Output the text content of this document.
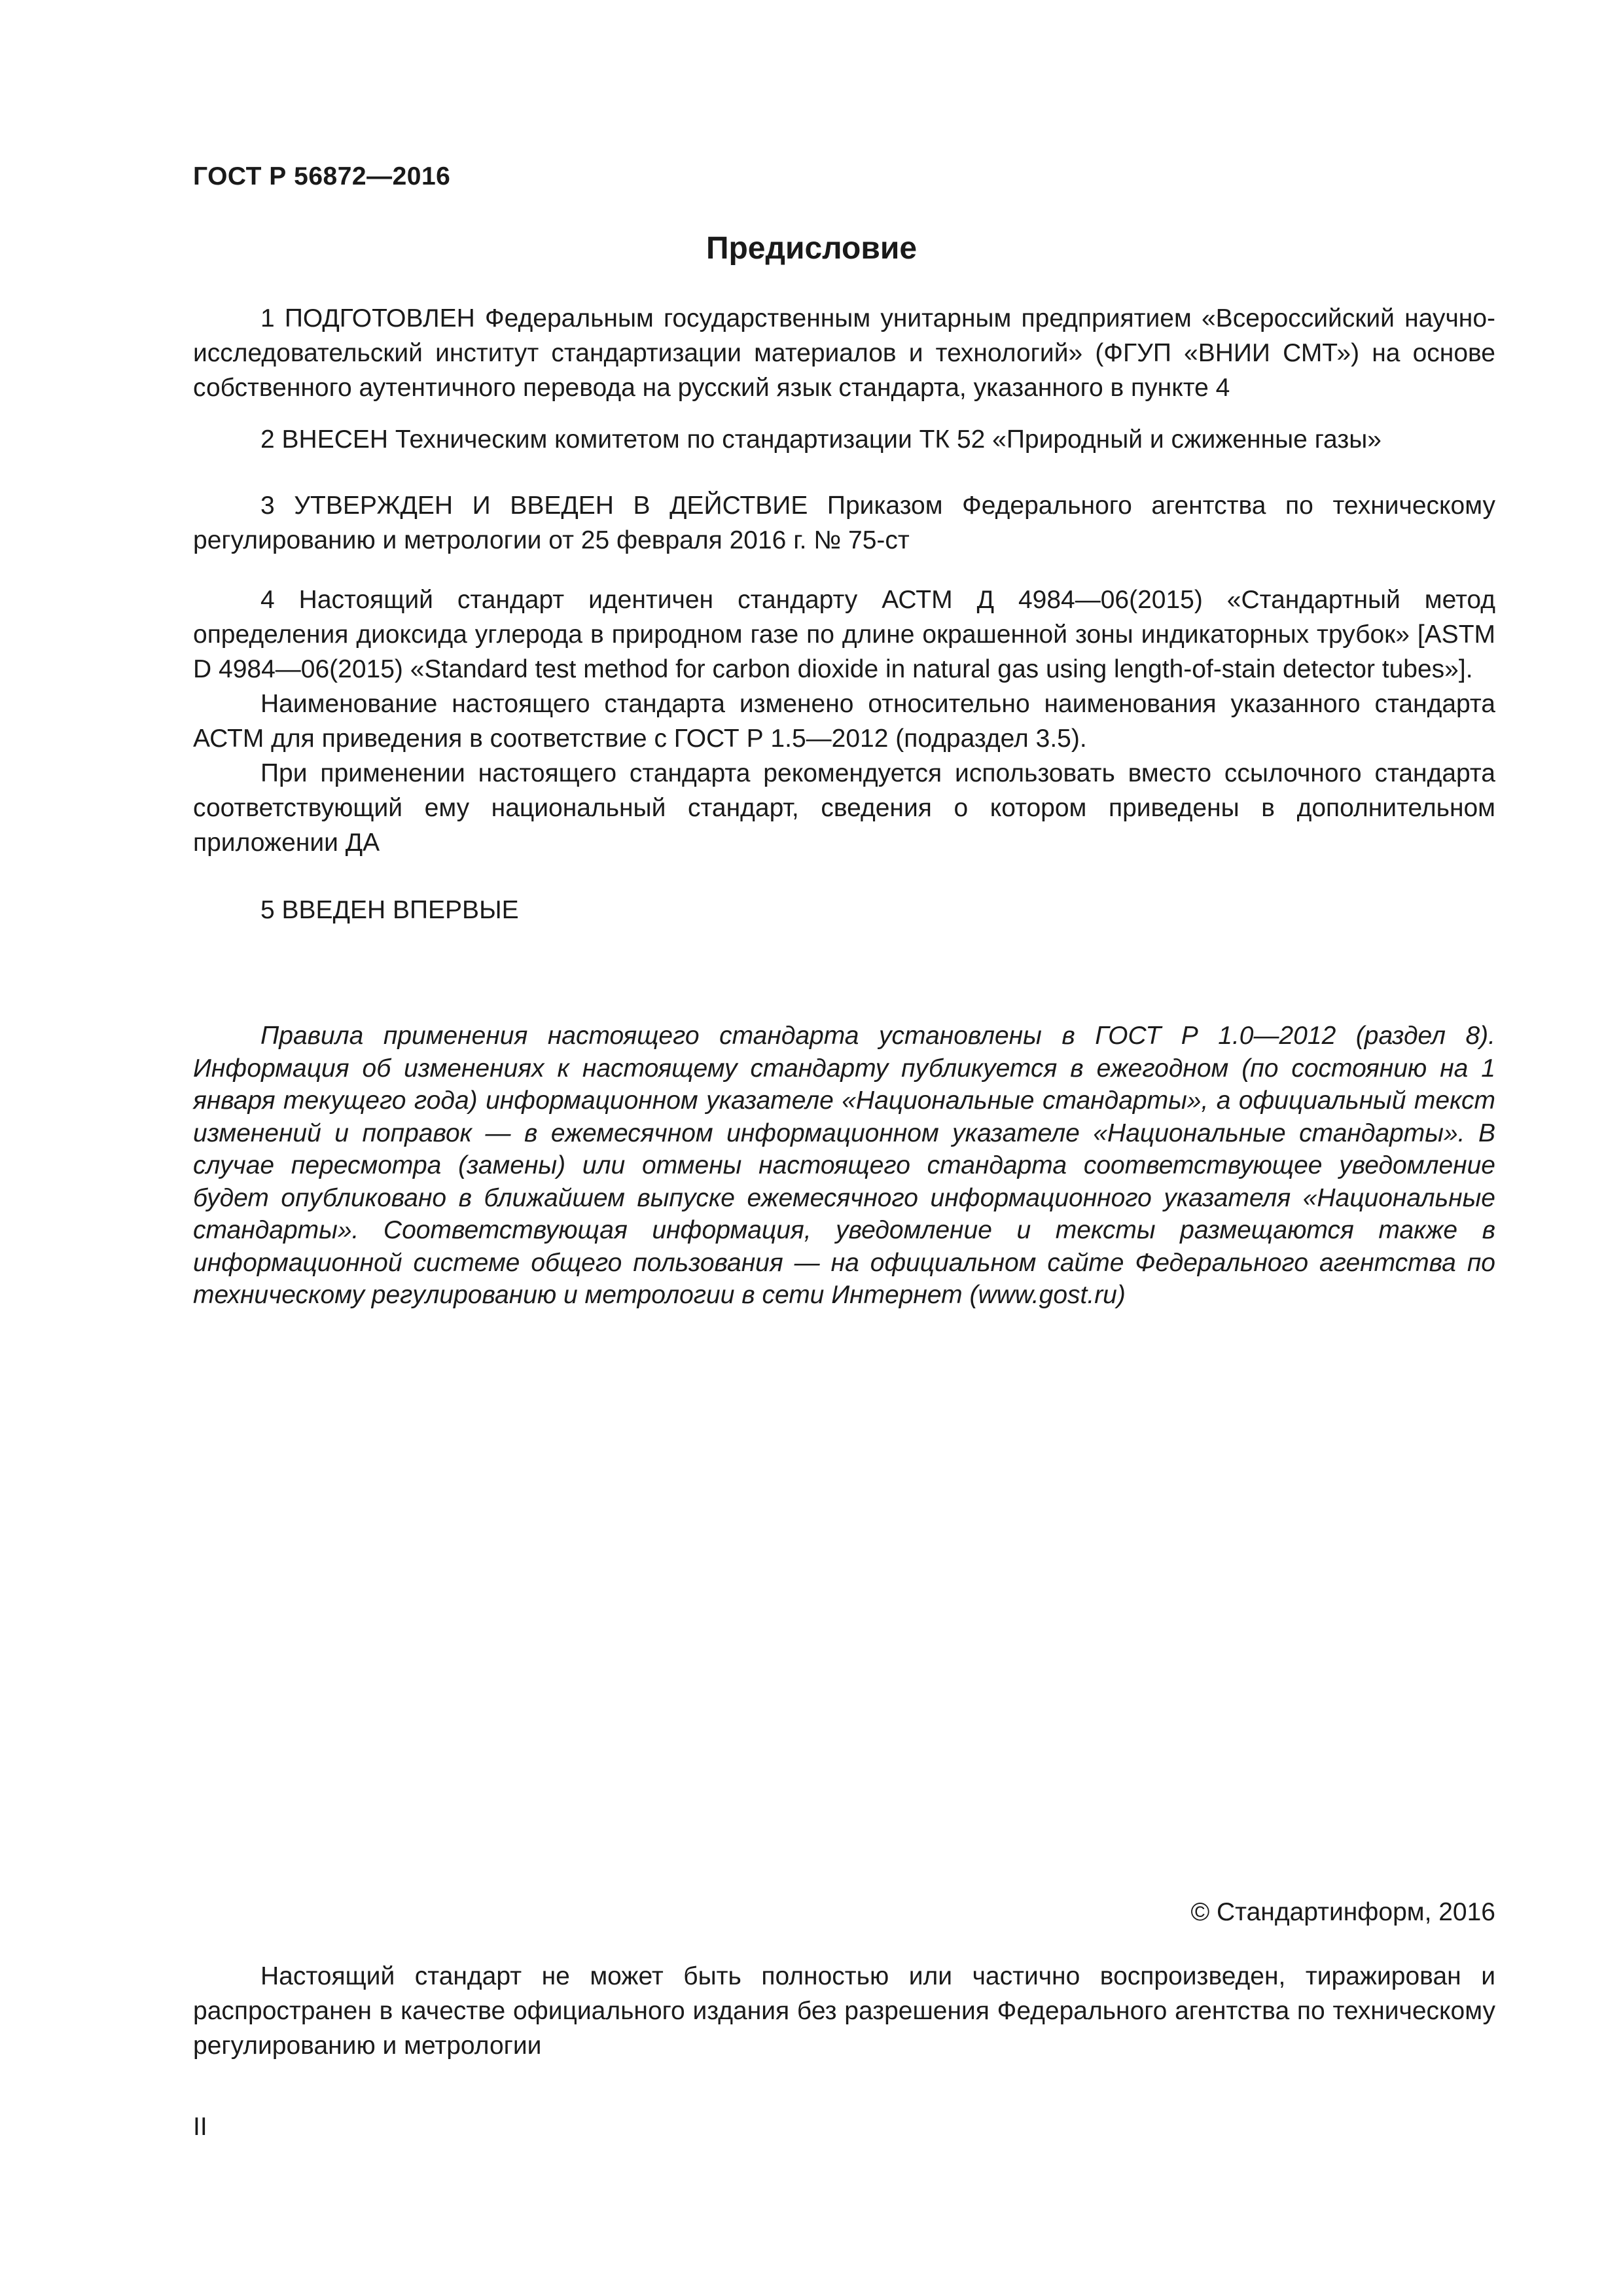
ГОСТ Р 56872—2016
Предисловие

1 ПОДГОТОВЛЕН Федеральным государственным унитарным предприятием «Всероссийский научно-исследовательский институт стандартизации материалов и технологий» (ФГУП «ВНИИ СМТ») на основе собственного аутентичного перевода на русский язык стандарта, указанного в пункте 4

2 ВНЕСЕН Техническим комитетом по стандартизации ТК 52 «Природный и сжиженные газы»

3 УТВЕРЖДЕН И ВВЕДЕН В ДЕЙСТВИЕ Приказом Федерального агентства по техническому регулированию и метрологии от 25 февраля 2016 г. № 75-ст

4 Настоящий стандарт идентичен стандарту АСТМ Д 4984—06(2015) «Стандартный метод определения диоксида углерода в природном газе по длине окрашенной зоны индикаторных трубок» [ASTM D 4984—06(2015) «Standard test method for carbon dioxide in natural gas using length-of-stain detector tubes»].

Наименование настоящего стандарта изменено относительно наименования указанного стандарта АСТМ для приведения в соответствие с ГОСТ Р 1.5—2012 (подраздел 3.5).

При применении настоящего стандарта рекомендуется использовать вместо ссылочного стандарта соответствующий ему национальный стандарт, сведения о котором приведены в дополнительном приложении ДА

5 ВВЕДЕН ВПЕРВЫЕ

Правила применения настоящего стандарта установлены в ГОСТ Р 1.0—2012 (раздел 8). Информация об изменениях к настоящему стандарту публикуется в ежегодном (по состоянию на 1 января текущего года) информационном указателе «Национальные стандарты», а официальный текст изменений и поправок — в ежемесячном информационном указателе «Национальные стандарты». В случае пересмотра (замены) или отмены настоящего стандарта соответствующее уведомление будет опубликовано в ближайшем выпуске ежемесячного информационного указателя «Национальные стандарты». Соответствующая информация, уведомление и тексты размещаются также в информационной системе общего пользования — на официальном сайте Федерального агентства по техническому регулированию и метрологии в сети Интернет (www.gost.ru)

© Стандартинформ, 2016

Настоящий стандарт не может быть полностью или частично воспроизведен, тиражирован и распространен в качестве официального издания без разрешения Федерального агентства по техническому регулированию и метрологии

II
